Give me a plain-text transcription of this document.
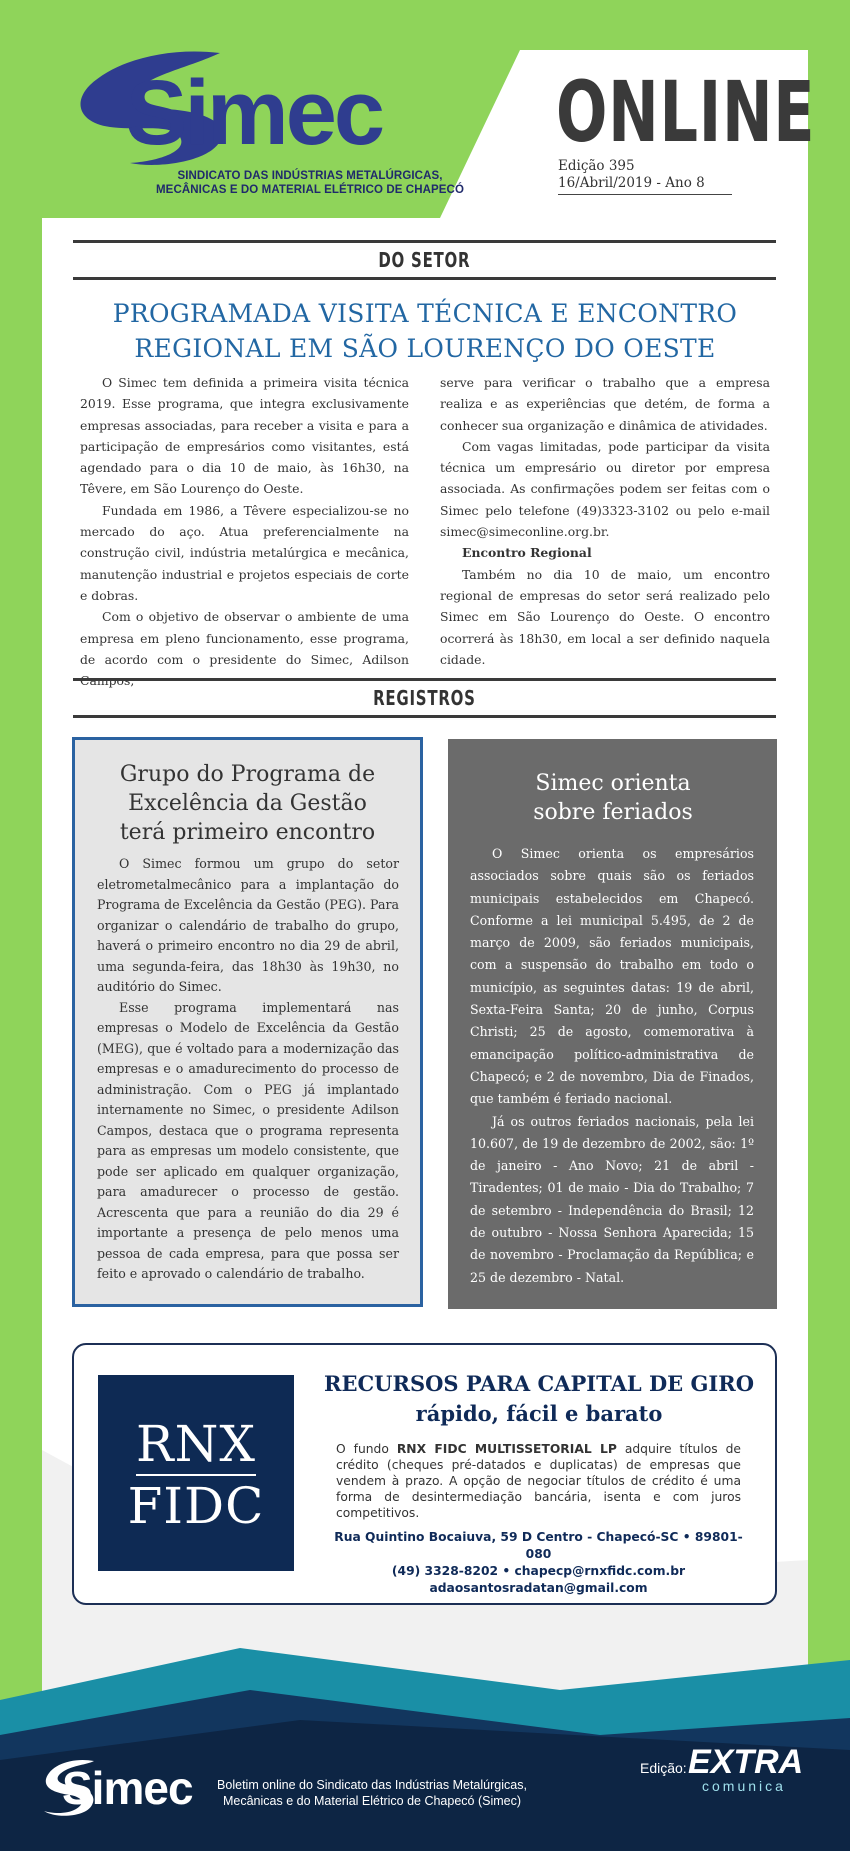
Simec
SINDICATO DAS INDÚSTRIAS METALÚRGICAS,
MECÂNICAS E DO MATERIAL ELÉTRICO DE CHAPECÓ
ONLINE
Edição 395
16/Abril/2019 - Ano 8
DO SETOR
PROGRAMADA VISITA TÉCNICA E ENCONTRO
REGIONAL EM SÃO LOURENÇO DO OESTE

O Simec tem definida a primeira visita técnica 2019. Esse programa, que integra exclusivamente empresas associadas, para receber a visita e para a participação de empresários como visitantes, está agendado para o dia 10 de maio, às 16h30, na Têvere, em São Lourenço do Oeste.

Fundada em 1986, a Têvere especializou-se no mercado do aço. Atua preferencialmente na construção civil, indústria metalúrgica e mecânica, manutenção industrial e projetos especiais de corte e dobras.

Com o objetivo de observar o ambiente de uma empresa em pleno funcionamento, esse programa, de acordo com o presidente do Simec, Adilson Campos,

serve para verificar o trabalho que a empresa realiza e as experiências que detém, de forma a conhecer sua organização e dinâmica de atividades.

Com vagas limitadas, pode participar da visita técnica um empresário ou diretor por empresa associada. As confirmações podem ser feitas com o Simec pelo telefone (49)3323-3102 ou pelo e-mail simec@simeconline.org.br.

Encontro Regional

Também no dia 10 de maio, um encontro regional de empresas do setor será realizado pelo Simec em São Lourenço do Oeste. O encontro ocorrerá às 18h30, em local a ser definido naquela cidade.

REGISTROS
Grupo do Programa de
Excelência da Gestão
terá primeiro encontro

O Simec formou um grupo do setor eletrometalmecânico para a implantação do Programa de Excelência da Gestão (PEG). Para organizar o calendário de trabalho do grupo, haverá o primeiro encontro no dia 29 de abril, uma segunda-feira, das 18h30 às 19h30, no auditório do Simec.

Esse programa implementará nas empresas o Modelo de Excelência da Gestão (MEG), que é voltado para a modernização das empresas e o amadurecimento do processo de administração. Com o PEG já implantado internamente no Simec, o presidente Adilson Campos, destaca que o programa representa para as empresas um modelo consistente, que pode ser aplicado em qualquer organização, para amadurecer o processo de gestão. Acrescenta que para a reunião do dia 29 é importante a presença de pelo menos uma pessoa de cada empresa, para que possa ser feito e aprovado o calendário de trabalho.

Simec orienta
sobre feriados

O Simec orienta os empresários associados sobre quais são os feriados municipais estabelecidos em Chapecó. Conforme a lei municipal 5.495, de 2 de março de 2009, são feriados municipais, com a suspensão do trabalho em todo o município, as seguintes datas: 19 de abril, Sexta-Feira Santa; 20 de junho, Corpus Christi; 25 de agosto, comemorativa à emancipação político-administrativa de Chapecó; e 2 de novembro, Dia de Finados, que também é feriado nacional.

Já os outros feriados nacionais, pela lei 10.607, de 19 de dezembro de 2002, são: 1º de janeiro - Ano Novo; 21 de abril - Tiradentes; 01 de maio - Dia do Trabalho; 7 de setembro - Independência do Brasil; 12 de outubro - Nossa Senhora Aparecida; 15 de novembro - Proclamação da República; e 25 de dezembro - Natal.

RNX
FIDC
RECURSOS PARA CAPITAL DE GIRO
rápido, fácil e barato
O fundo RNX FIDC MULTISSETORIAL LP adquire títulos de crédito (cheques pré-datados e duplicatas) de empresas que vendem à prazo. A opção de negociar títulos de crédito é uma forma de desintermediação bancária, isenta e com juros competitivos.
Rua Quintino Bocaiuva, 59 D Centro - Chapecó-SC • 89801-080
(49) 3328-8202 • chapecp@rnxfidc.com.br
adaosantosradatan@gmail.com
Simec	Boletim online do Sindicato das Indústrias Metalúrgicas,
Mecânicas e do Material Elétrico de Chapecó (Simec)
Edição: EXTRA
comunica
